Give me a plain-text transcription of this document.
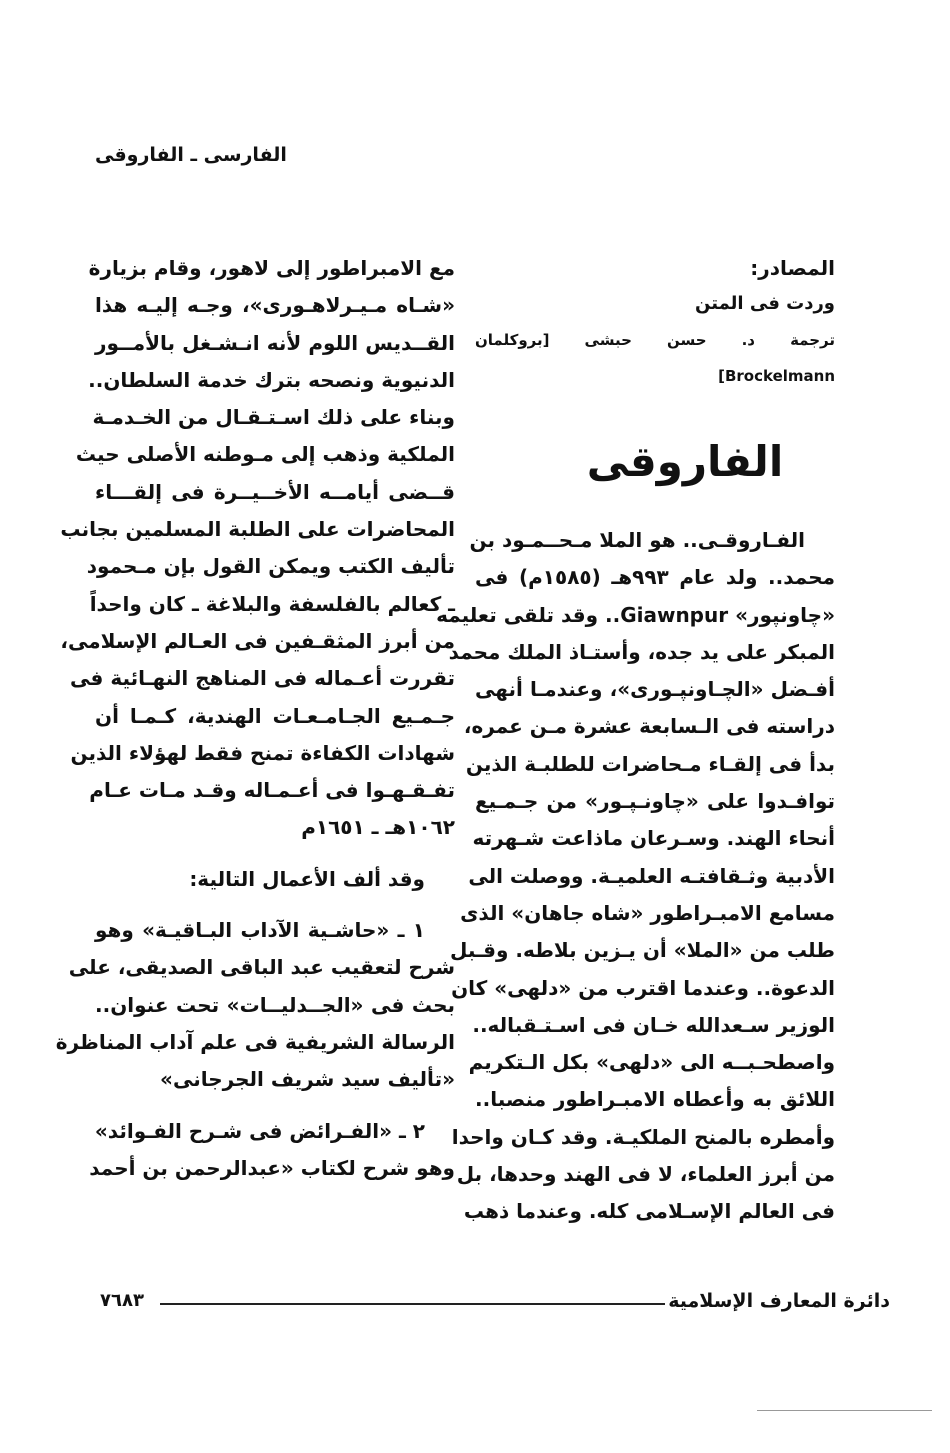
الفارسى ـ الفاروقى
المصادر:
وردت فى المتن
ترجمة د. حسن حبشى [بروكلمان Brockelmann]
الفاروقى
الفـاروقـى.. هو الملا مـحــمـود بن
محمد.. ولد عام ٩٩٣هـ (١٥٨٥م) فى
«چاونپور» Giawnpur.. وقد تلقى تعليمه
المبكر على يد جده، وأستـاذ الملك محمد
أفـضل «الچـاونپـورى»، وعندمـا أنهى
دراسته فى الـسابعة عشرة مـن عمره،
بدأ فى إلقـاء مـحاضرات للطلبـة الذين
توافـدوا على «چاونـپـور» من جـمـيع
أنحاء الهند. وسـرعان ماذاعت شـهرته
الأدبية وثـقافتـه العلميـة. ووصلت الى
مسامع الامبـراطور «شاه جاهان» الذى
طلب من «الملا» أن يـزين بلاطه. وقـبل
الدعوة.. وعندما اقترب من «دلهى» كان
الوزير سـعدالله خـان فى اسـتـقباله..
واصطحـبــه الى «دلهى» بكل الـتكريم
اللائق به وأعطاه الامبـراطور منصبا..
وأمطره بالمنح الملكيـة. وقد كـان واحدا
من أبرز العلماء، لا فى الهند وحدها، بل
فى العالم الإسـلامى كله. وعندما ذهب
مع الامبراطور إلى لاهور، وقام بزيارة
«شـاه مـيـرلاهـورى»، وجـه إليـه هذا
القــديس اللوم لأنه انـشـغل بالأمــور
الدنيوية ونصحه بترك خدمة السلطان..
وبناء على ذلك اسـتـقـال من الخـدمـة
الملكية وذهب إلى مـوطنه الأصلى حيث
قــضى أيامــه الأخــيــرة فى إلقـــاء
المحاضرات على الطلبة المسلمين بجانب
تأليف الكتب ويمكن القول بإن مـحمود
ـ كعالم بالفلسفة والبلاغة ـ كان واحداً
من أبرز المثقـفين فى العـالم الإسلامى،
تقررت أعـماله فى المناهج النهـائية فى
جـمـيع الجـامـعـات الهندية، كـمـا أن
شهادات الكفاءة تمنح فقط لهؤلاء الذين
تفـقـهـوا فى أعـمـاله وقـد مـات عـام
١٠٦٢هـ ـ ١٦٥١م
وقد ألف الأعمال التالية:
١ ـ «حاشـية الآداب البـاقيـة» وهو
شرح لتعقيب عبد الباقى الصديقى، على
بحث فى «الجــدليــات» تحت عنوان..
الرسالة الشريفية فى علم آداب المناظرة
«تأليف سيد شريف الجرجانى»
٢ ـ «الفـرائض فى شـرح الفـوائد»
وهو شرح لكتاب «عبدالرحمن بن أحمد
دائرة المعارف الإسلامية
٧٦٨٣
